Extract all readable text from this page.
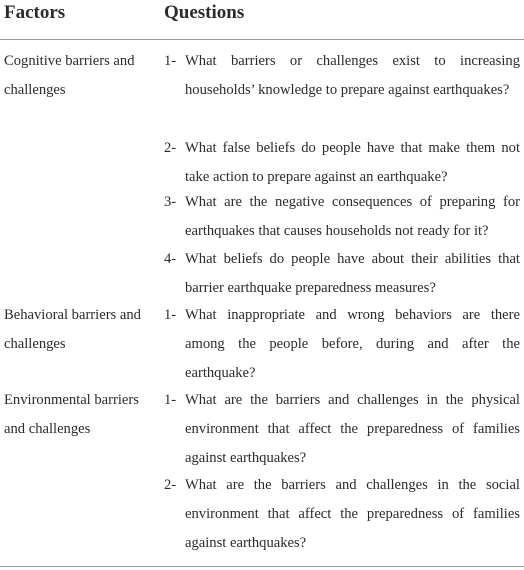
Factors	Questions
Cognitive barriers and challenges
1- What barriers or challenges exist to increasing households’ knowledge to prepare against earthquakes?
2- What false beliefs do people have that make them not take action to prepare against an earthquake?
3- What are the negative consequences of preparing for earthquakes that causes households not ready for it?
4- What beliefs do people have about their abilities that barrier earthquake preparedness measures?
Behavioral barriers and challenges
1- What inappropriate and wrong behaviors are there among the people before, during and after the earthquake?
Environmental barriers and challenges
1- What are the barriers and challenges in the physical environment that affect the preparedness of families against earthquakes?
2- What are the barriers and challenges in the social environment that affect the preparedness of families against earthquakes?
